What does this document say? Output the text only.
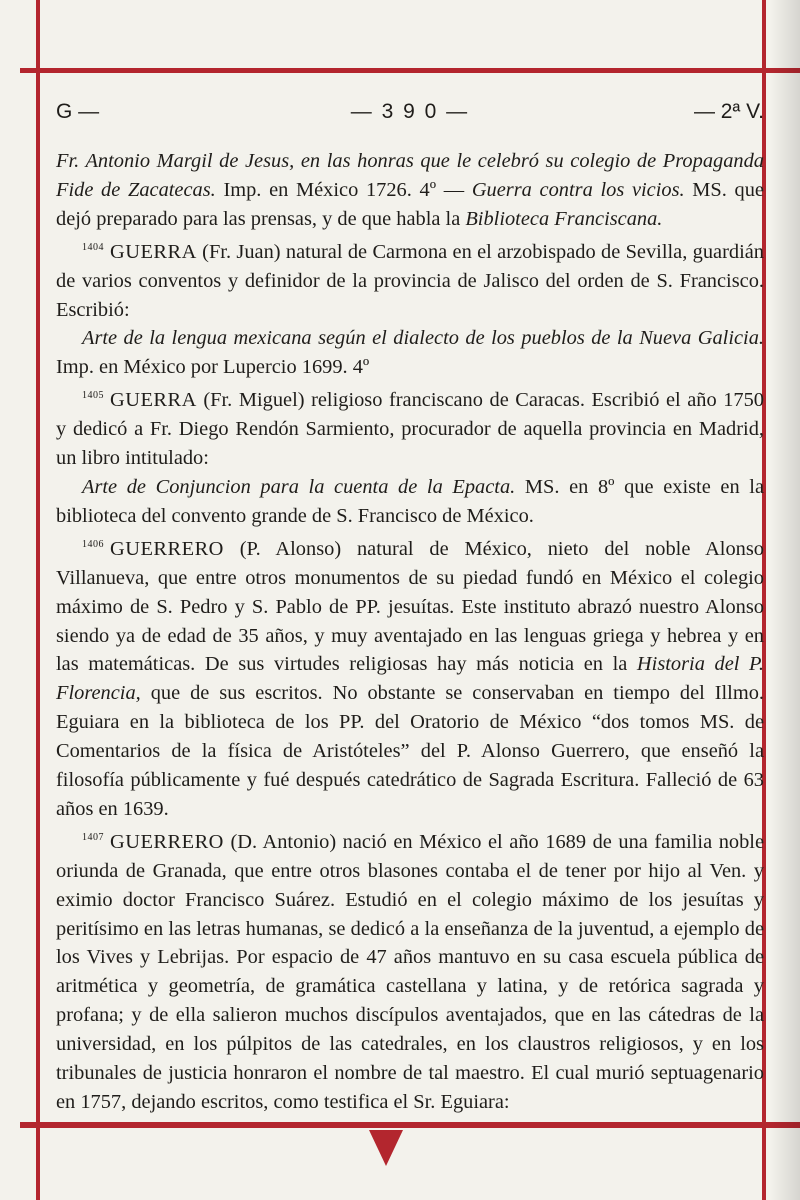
G —	— 3 9 0 —	— 2ª V.

Fr. Antonio Margil de Jesus, en las honras que le celebró su colegio de Propaganda Fide de Zacatecas. Imp. en México 1726. 4º — Guerra contra los vicios. MS. que dejó preparado para las prensas, y de que habla la Biblioteca Franciscana.

$^{1404}$ GUERRA (Fr. Juan) natural de Carmona en el arzobispado de Sevilla, guardián de varios conventos y definidor de la provincia de Jalisco del orden de S. Francisco. Escribió:

Arte de la lengua mexicana según el dialecto de los pueblos de la Nueva Galicia. Imp. en México por Lupercio 1699. 4º

$^{1405}$ GUERRA (Fr. Miguel) religioso franciscano de Caracas. Escribió el año 1750 y dedicó a Fr. Diego Rendón Sarmiento, procurador de aquella provincia en Madrid, un libro intitulado:

Arte de Conjuncion para la cuenta de la Epacta. MS. en 8º que existe en la biblioteca del convento grande de S. Francisco de México.

$^{1406}$ GUERRERO (P. Alonso) natural de México, nieto del noble Alonso Villanueva, que entre otros monumentos de su piedad fundó en México el colegio máximo de S. Pedro y S. Pablo de PP. jesuítas. Este instituto abrazó nuestro Alonso siendo ya de edad de 35 años, y muy aventajado en las lenguas griega y hebrea y en las matemáticas. De sus virtudes religiosas hay más noticia en la Historia del P. Florencia, que de sus escritos. No obstante se conservaban en tiempo del Illmo. Eguiara en la biblioteca de los PP. del Oratorio de México “dos tomos MS. de Comentarios de la física de Aristóteles” del P. Alonso Guerrero, que enseñó la filosofía públicamente y fué después catedrático de Sagrada Escritura. Falleció de 63 años en 1639.

$^{1407}$ GUERRERO (D. Antonio) nació en México el año 1689 de una familia noble oriunda de Granada, que entre otros blasones contaba el de tener por hijo al Ven. y eximio doctor Francisco Suárez. Estudió en el colegio máximo de los jesuítas y peritísimo en las letras humanas, se dedicó a la enseñanza de la juventud, a ejemplo de los Vives y Lebrijas. Por espacio de 47 años mantuvo en su casa escuela pública de aritmética y geometría, de gramática castellana y latina, y de retórica sagrada y profana; y de ella salieron muchos discípulos aventajados, que en las cátedras de la universidad, en los púlpitos de las catedrales, en los claustros religiosos, y en los tribunales de justicia honraron el nombre de tal maestro. El cual murió septuagenario en 1757, dejando escritos, como testifica el Sr. Eguiara:
